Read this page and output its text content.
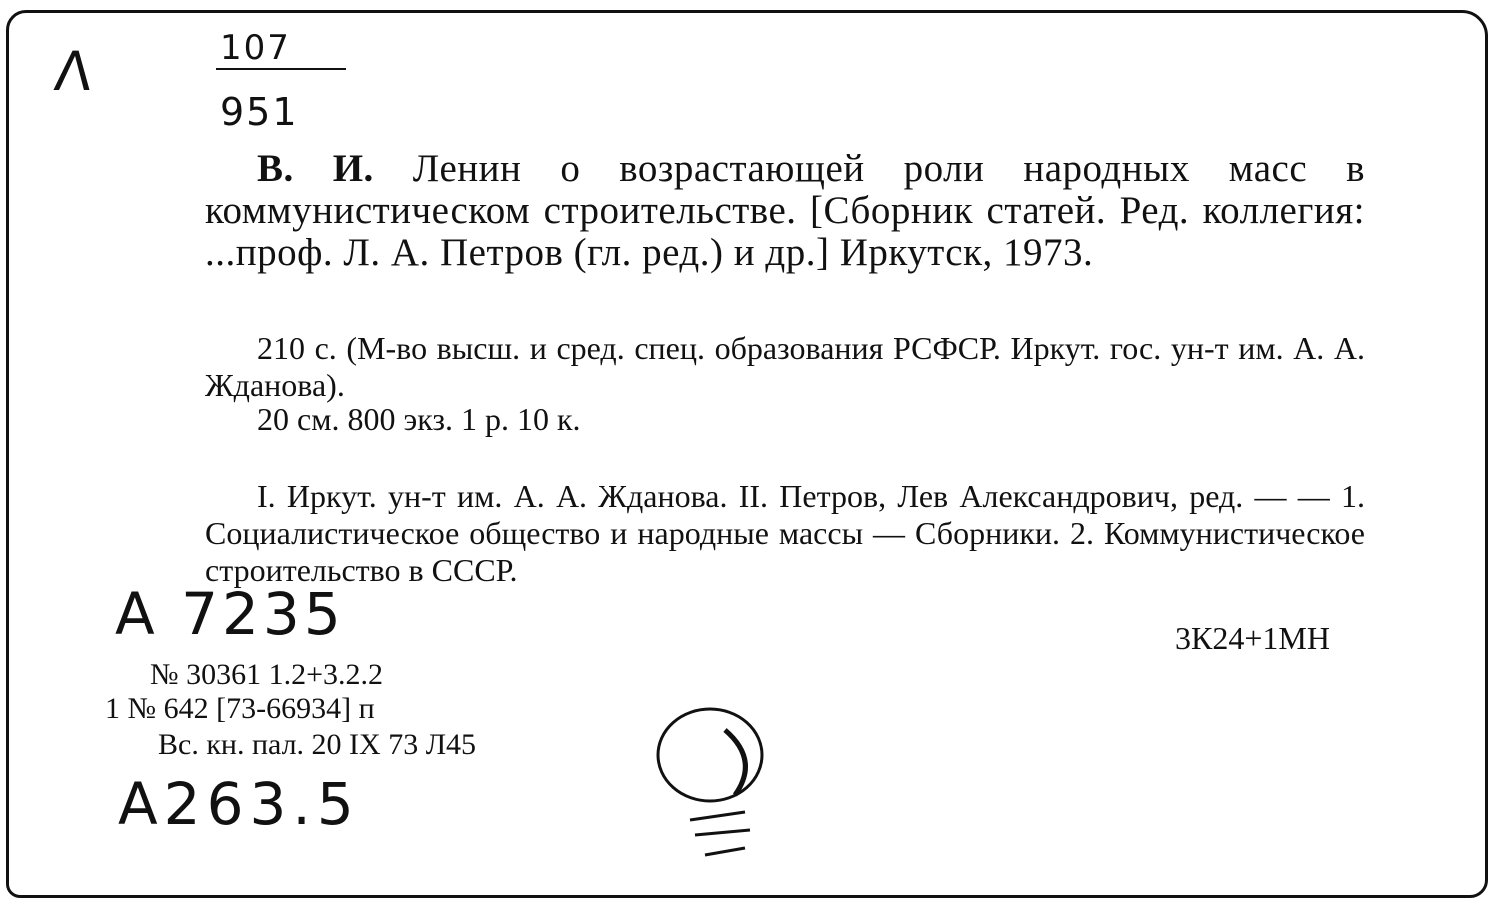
Λ	107
951
В. И. Ленин о возрастающей роли народных масс в коммунистическом строительстве. [Сборник статей. Ред. коллегия: ...проф. Л. А. Петров (гл. ред.) и др.] Иркутск, 1973.
210 с. (М-во высш. и сред. спец. образования РСФСР. Иркут. гос. ун-т им. А. А. Жданова).
20 см. 800 экз. 1 р. 10 к.
I. Иркут. ун-т им. А. А. Жданова. II. Петров, Лев Александрович, ред. — — 1. Социалистическое общество и народные массы — Сборники. 2. Коммунистическое строительство в СССР.
3К24+1МН
А 7235
А263.5
№ 30361 1.2+3.2.2
1 № 642 [73-66934] п
Вс. кн. пал. 20 IX 73 Л45
